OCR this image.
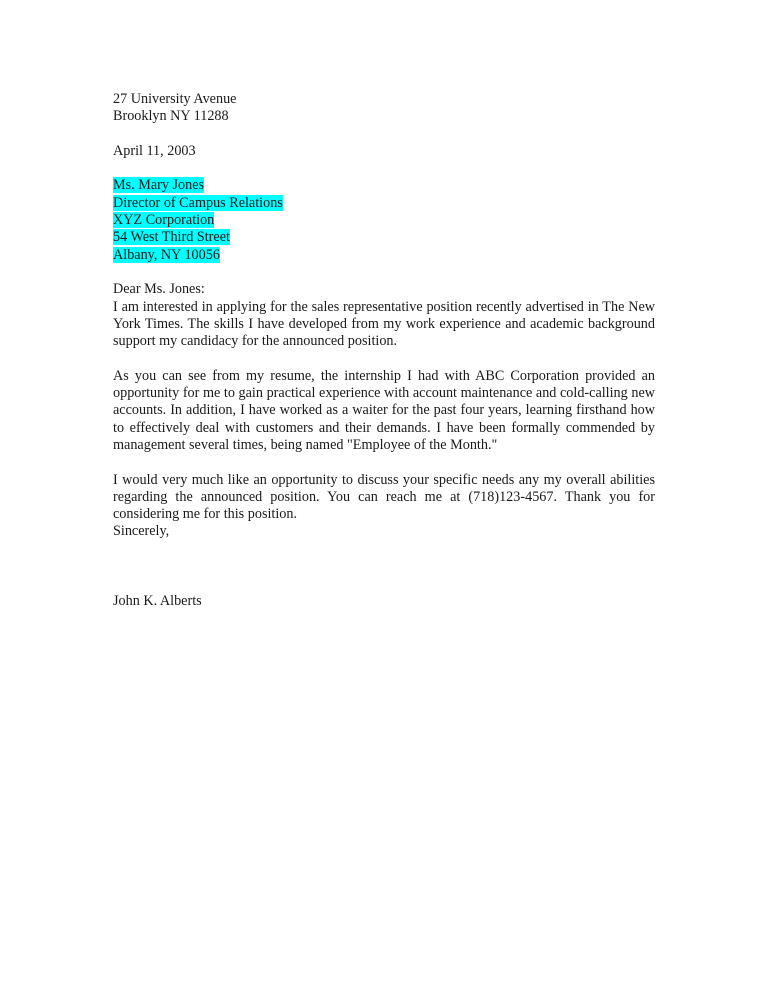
27 University Avenue
Brooklyn NY 11288
April 11, 2003
Ms. Mary Jones
Director of Campus Relations
XYZ Corporation
54 West Third Street
Albany, NY 10056
Dear Ms. Jones:

I am interested in applying for the sales representative position recently advertised in The New York Times. The skills I have developed from my work experience and academic background support my candidacy for the announced position.

As you can see from my resume, the internship I had with ABC Corporation provided an opportunity for me to gain practical experience with account maintenance and cold-calling new accounts. In addition, I have worked as a waiter for the past four years, learning firsthand how to effectively deal with customers and their demands. I have been formally commended by management several times, being named "Employee of the Month."

I would very much like an opportunity to discuss your specific needs any my overall abilities regarding the announced position. You can reach me at (718)123-4567. Thank you for considering me for this position.

Sincerely,
John K. Alberts
